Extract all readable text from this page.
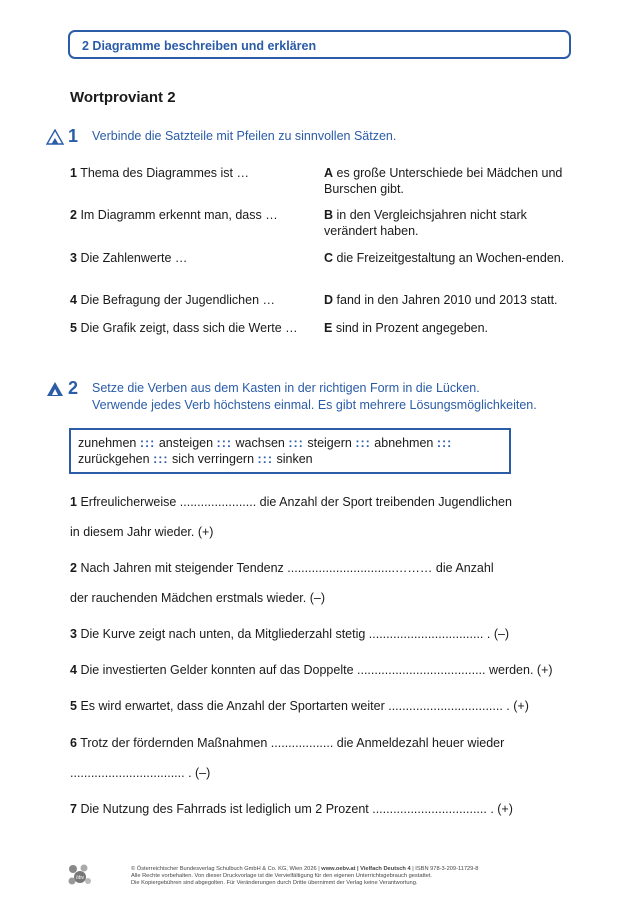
2 Diagramme beschreiben und erklären
Wortproviant 2
1	Verbinde die Satzteile mit Pfeilen zu sinnvollen Sätzen.
1 Thema des Diagrammes ist …
2 Im Diagramm erkennt man, dass …
3 Die Zahlenwerte …
4 Die Befragung der Jugendlichen …
5 Die Grafik zeigt, dass sich die Werte …
A es große Unterschiede bei Mädchen und Burschen gibt.
B in den Vergleichsjahren nicht stark verändert haben.
C die Freizeitgestaltung an Wochen-enden.
D fand in den Jahren 2010 und 2013 statt.
E sind in Prozent angegeben.
2	Setze die Verben aus dem Kasten in der richtigen Form in die Lücken.
Verwende jedes Verb höchstens einmal. Es gibt mehrere Lösungsmöglichkeiten.
zunehmen ::: ansteigen ::: wachsen ::: steigern ::: abnehmen :::
zurückgehen ::: sich verringern ::: sinken
1 Erfreulicherweise ...................... die Anzahl der Sport treibenden Jugendlichen
in diesem Jahr wieder. (+)
2 Nach Jahren mit steigender Tendenz ...............................……… die Anzahl
der rauchenden Mädchen erstmals wieder. (–)
3 Die Kurve zeigt nach unten, da Mitgliederzahl stetig ................................. . (–)
4 Die investierten Gelder konnten auf das Doppelte ..................................... werden. (+)
5 Es wird erwartet, dass die Anzahl der Sportarten weiter ................................. . (+)
6 Trotz der fördernden Maßnahmen .................. die Anmeldezahl heuer wieder
................................. . (–)
7 Die Nutzung des Fahrrads ist lediglich um 2 Prozent ................................. . (+)
öbv
© Österreichischer Bundesverlag Schulbuch GmbH & Co. KG, Wien 2026 | www.oebv.at | Vielfach Deutsch 4 | ISBN 978-3-209-11729-8
Alle Rechte vorbehalten. Von dieser Druckvorlage ist die Vervielfältigung für den eigenen Unterrichtsgebrauch gestattet.
Die Kopiergebühren sind abgegolten. Für Veränderungen durch Dritte übernimmt der Verlag keine Verantwortung.
